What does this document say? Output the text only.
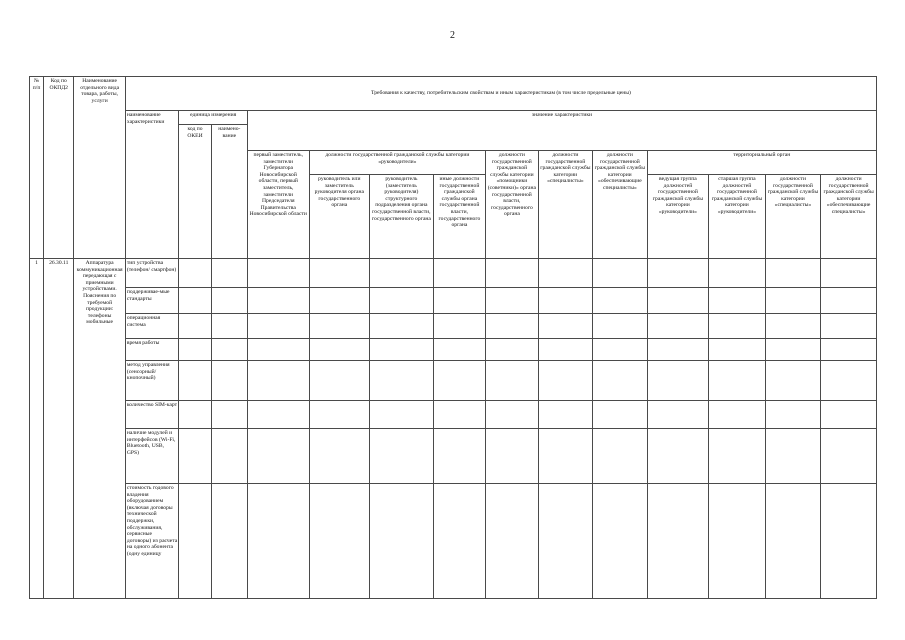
2
№ п/п	Код по ОКПД2	Наименование отдельного вида товара, работы, услуги	Требования к качеству, потребительским свойствам и иным характеристикам (в том числе предельные цены)													
			наименование характеристики	единица измерения		значение характеристики										
				код по ОКЕИ	наимено-вание											
						первый заместитель, заместители Губернатора Новосибирской области, первый заместитель, заместители Председателя Правительства Новосибирской области	должности государственной гражданской службы категории «руководители»			должности государственной гражданской службы категории «помощники (советники)» органа государственной власти, государственного органа	должности государственной гражданской службы категории «специалисты»	должности государственной гражданской службы категории «обеспечивающие специалисты»	территориальный орган			
							руководитель или заместитель руководителя органа государственного органа	руководитель (заместитель руководителя) структурного подразделения органа государственной власти, государственного органа	иные должности государственной гражданской службы органа государственной власти, государственного органа				ведущая группа должностей государственной гражданской службы категории «руководители»	старшая группа должностей государственной гражданской службы категории «руководители»	должности государственной гражданской службы категории «специалисты»	должности государственной гражданской службы категории «обеспечивающие специалисты»
1	26.30.11	Аппаратура коммуникационная передающая с приемными устройствами. Пояснения по требуемой продукции: телефоны мобильные	тип устройства (телефон/ смартфон)													
			поддерживае-мые стандарты													
			операционная система													
			время работы													
			метод управления (сенсорный/ кнопочный)													
			количество SIM-карт													
			наличие модулей и интерфейсов (Wi-Fi, Bluetooth, USB, GPS)													
			стоимость годового владения оборудованием (включая договоры технической поддержки, обслуживания, сервисные договоры) из расчета на одного абонента (одну единицу													
